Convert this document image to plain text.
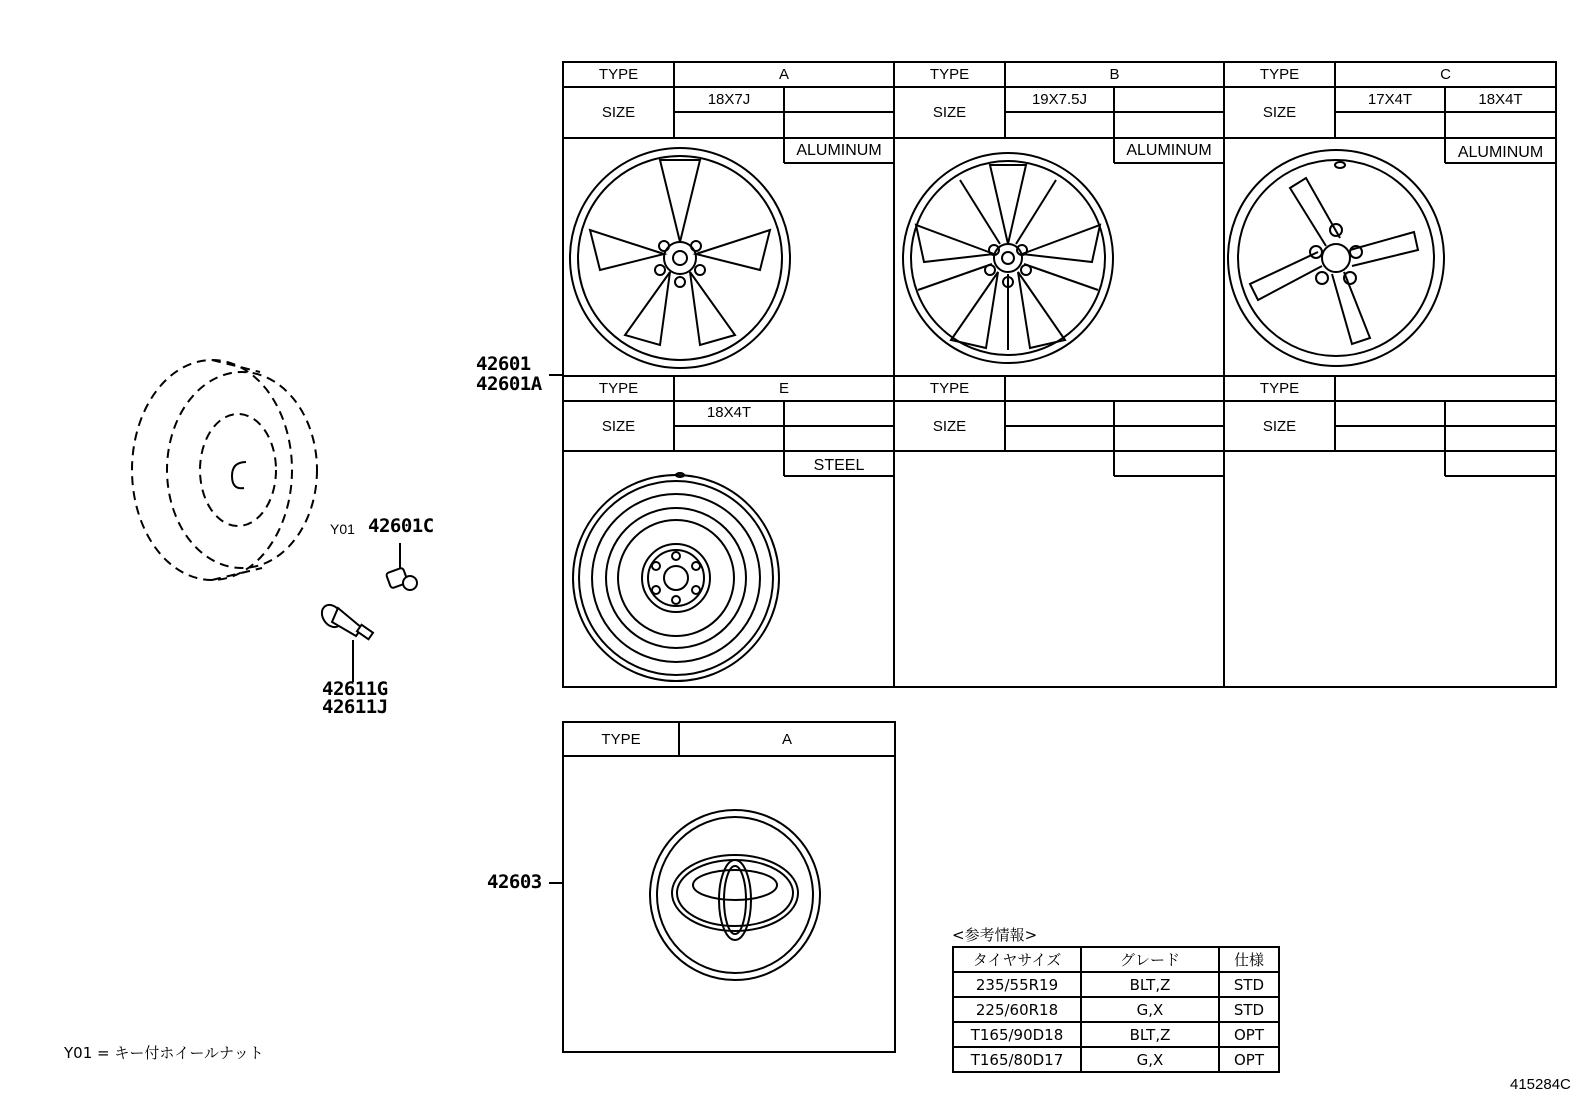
TYPE	A
SIZE
18X7J
ALUMINUM
TYPE	B
SIZE
19X7.5J
ALUMINUM
TYPE	C
SIZE
17X4T	18X4T
ALUMINUM
TYPE	E
SIZE
18X4T
STEEL
TYPE
SIZE
TYPE
SIZE
TYPE	A
42601
42601A
Y01 42601C
42611G
42611J
42603
Y01 = キー付ホイールナット
<参考情報>
タイヤサイズ	グレード	仕様
235/55R19	BLT,Z	STD
225/60R18	G,X	STD
T165/90D18	BLT,Z	OPT
T165/80D17	G,X	OPT
415284C
